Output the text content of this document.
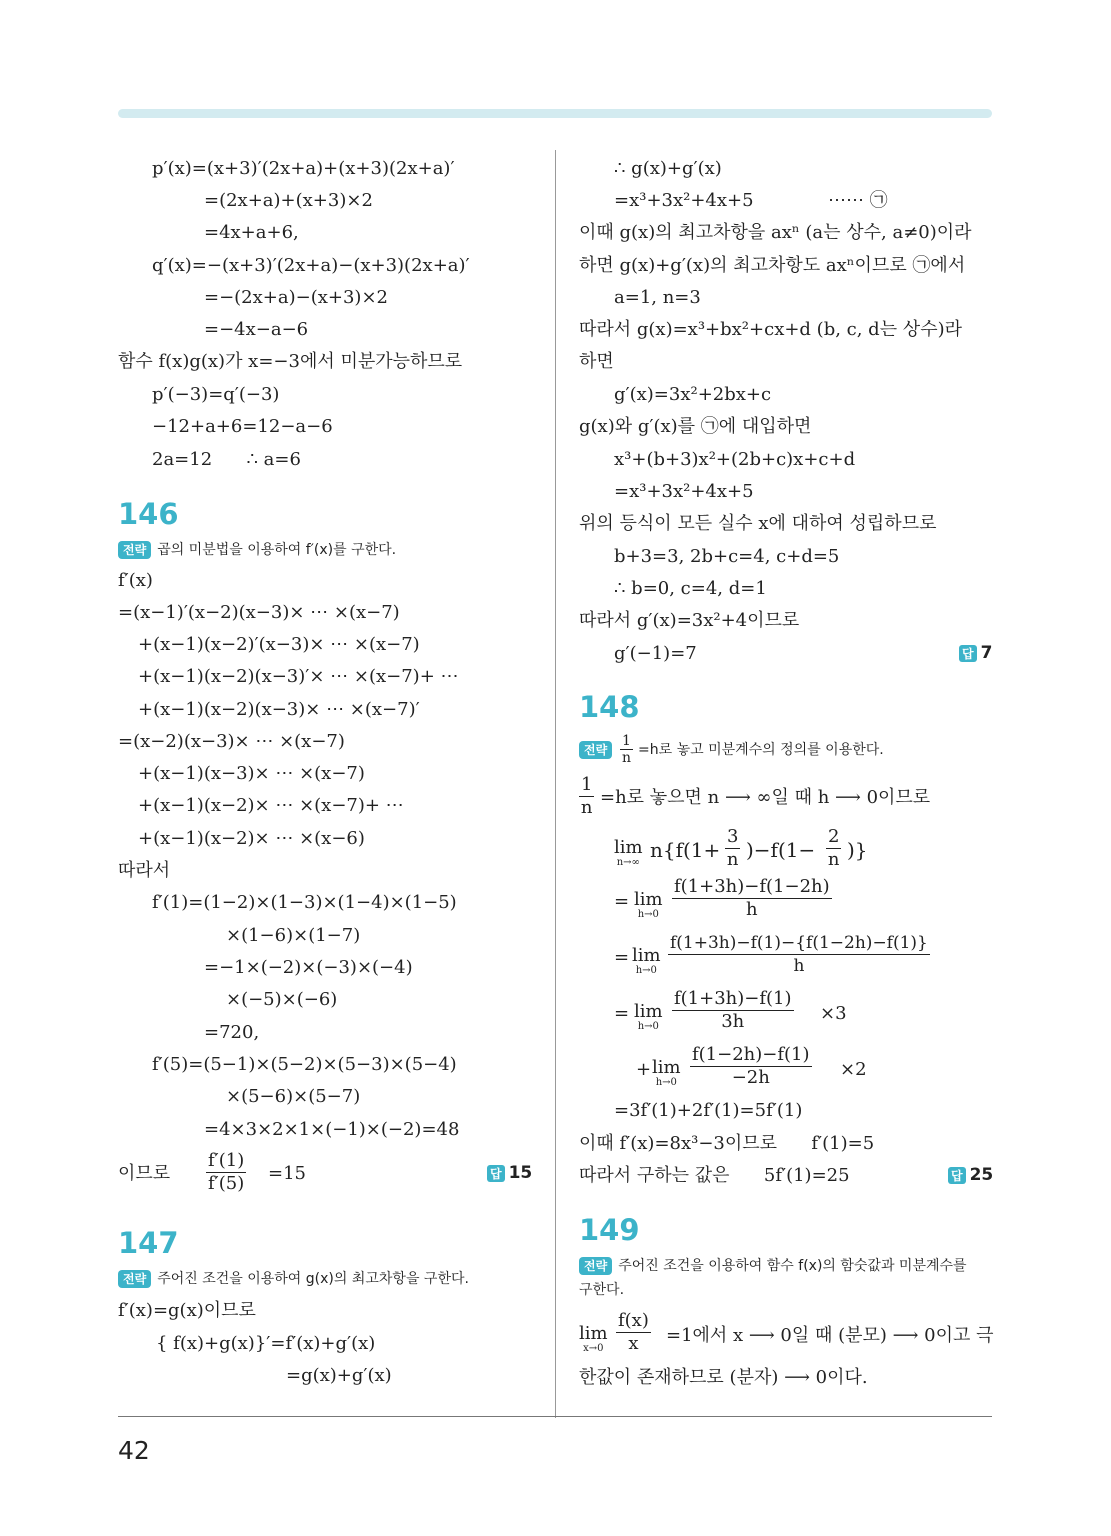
42
p′(x)=(x+3)′(2x+a)+(x+3)(2x+a)′
=(2x+a)+(x+3)×2
=4x+a+6,
q′(x)=−(x+3)′(2x+a)−(x+3)(2x+a)′
=−(2x+a)−(x+3)×2
=−4x−a−6
함수 f(x)g(x)가 x=−3에서 미분가능하므로
p′(−3)=q′(−3)
−12+a+6=12−a−6
2a=12      ∴ a=6
146
전략 곱의 미분법을 이용하여 f′(x)를 구한다.
f′(x)
=(x−1)′(x−2)(x−3)× ⋯ ×(x−7)
+(x−1)(x−2)′(x−3)× ⋯ ×(x−7)
+(x−1)(x−2)(x−3)′× ⋯ ×(x−7)+ ⋯
+(x−1)(x−2)(x−3)× ⋯ ×(x−7)′
=(x−2)(x−3)× ⋯ ×(x−7)
+(x−1)(x−3)× ⋯ ×(x−7)
+(x−1)(x−2)× ⋯ ×(x−7)+ ⋯
+(x−1)(x−2)× ⋯ ×(x−6)
따라서
f′(1)=(1−2)×(1−3)×(1−4)×(1−5)
×(1−6)×(1−7)
=−1×(−2)×(−3)×(−4)
×(−5)×(−6)
=720,
f′(5)=(5−1)×(5−2)×(5−3)×(5−4)
×(5−6)×(5−7)
=4×3×2×1×(−1)×(−2)=48
이므로 $\frac{f'(1)}{f'(5)} =15$	답 15
147
전략 주어진 조건을 이용하여 g(x)의 최고차항을 구한다.
f′(x)=g(x)이므로
{ f(x)+g(x)}′=f′(x)+g′(x)
=g(x)+g′(x)
∴ g(x)+g′(x)
=x³+3x²+4x+5             ⋯⋯ ㉠
이때 g(x)의 최고차항을 axⁿ (a는 상수, a≠0)이라
하면 g(x)+g′(x)의 최고차항도 axⁿ이므로 ㉠에서
a=1, n=3
따라서 g(x)=x³+bx²+cx+d (b, c, d는 상수)라
하면
g′(x)=3x²+2bx+c
g(x)와 g′(x)를 ㉠에 대입하면
x³+(b+3)x²+(2b+c)x+c+d
=x³+3x²+4x+5
위의 등식이 모든 실수 x에 대하여 성립하므로
b+3=3, 2b+c=4, c+d=5
∴ b=0, c=4, d=1
따라서 g′(x)=3x²+4이므로
g′(−1)=7	답 7
148
전략 $\frac{1}{n} =h$로 놓고 미분계수의 정의를 이용한다.
$\frac{1}{n} =h$로 놓으면 n ⟶ ∞일 때 h ⟶ 0이므로
lim
n→∞
$n\{f(1+ \frac{3}{n} )-f(1- \frac{2}{n}$ )}
= lim
$h\to 0 \frac{f(1+3h)-f(1-2h)}{h}$
= lim
$h\to 0 \frac{f(1+3h)-f(1)-\{f(1-2h)-f(1)\}}{h}$
= lim
$h\to 0 \frac{f(1+3h)-f(1)}{3h} \times 3$
+ lim
$h\to 0 \frac{f(1-2h)-f(1)}{-2h} \times 2$
=3f′(1)+2f′(1)=5f′(1)
이때 f′(x)=8x³−3이므로      f′(1)=5
따라서 구하는 값은      5f′(1)=25	답 25
149
전략 주어진 조건을 이용하여 함수 f(x)의 함숫값과 미분계수를
구한다.
lim
$x\to 0 \frac{f(x)}{x} =1$에서 x ⟶ 0일 때 (분모) ⟶ 0이고 극
한값이 존재하므로 (분자) ⟶ 0이다.
